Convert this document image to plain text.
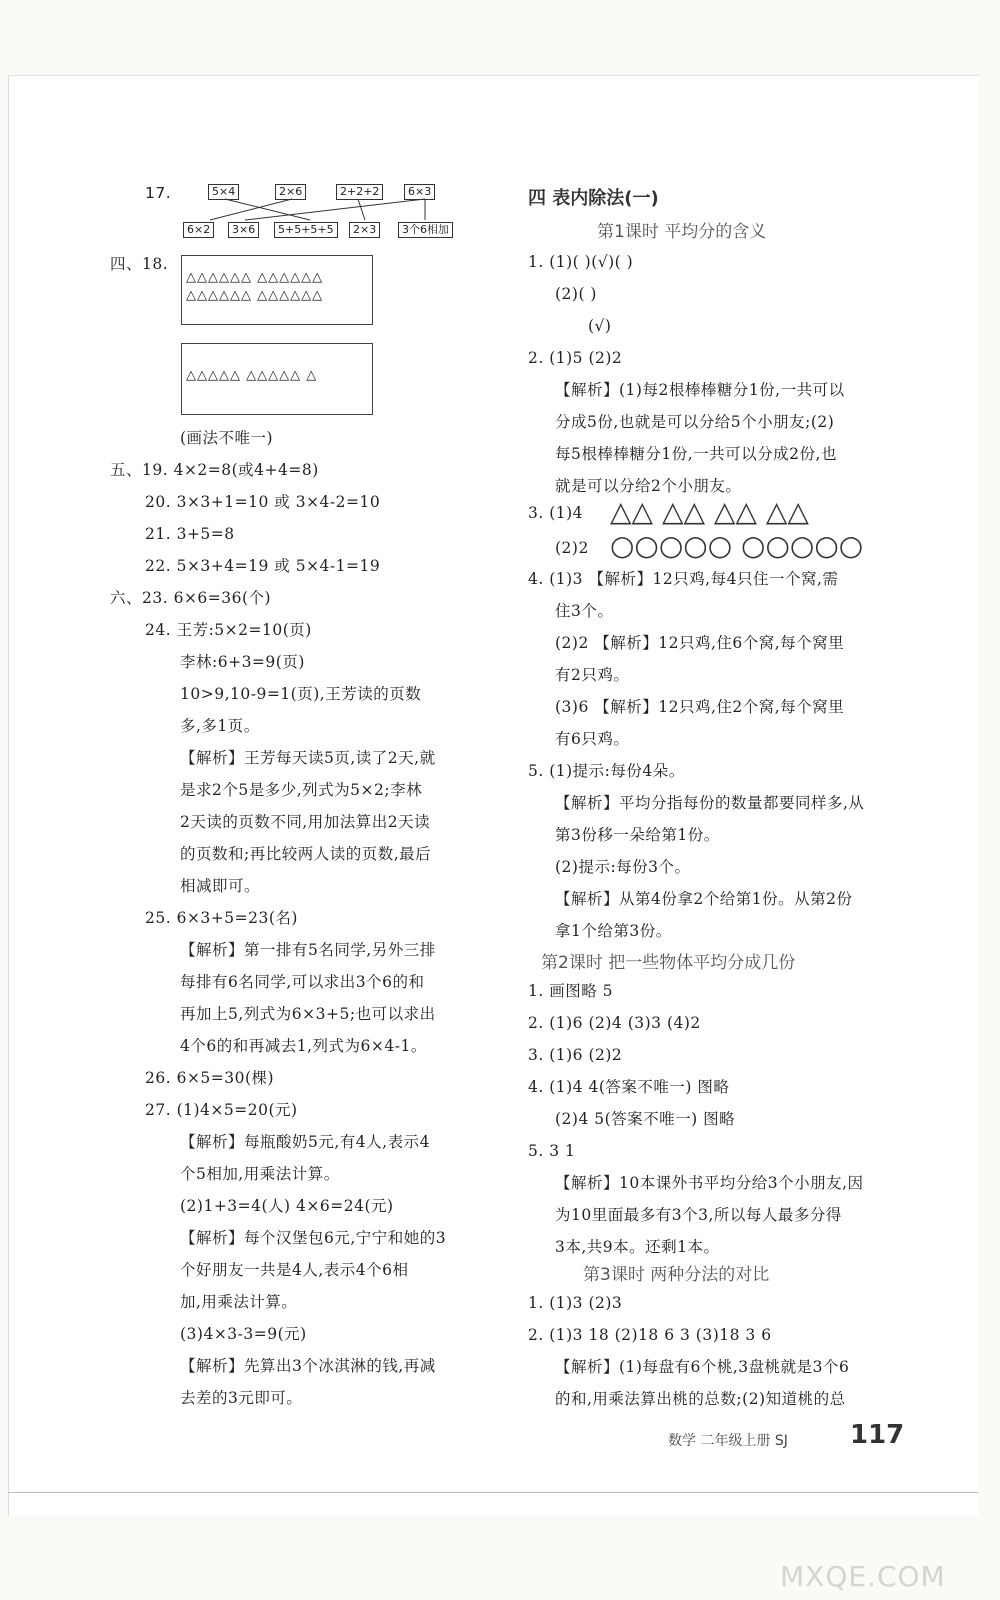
17.	5×4	2×6	2+2+2	6×3
6×2	3×6	5+5+5+5	2×3	3个6相加
四、18.
△△△△△△ △△△△△△
△△△△△△ △△△△△△
△△△△△ △△△△△ △
(画法不唯一)
五、19. 4×2=8(或4+4=8)
20. 3×3+1=10 或 3×4-2=10
21. 3+5=8
22. 5×3+4=19 或 5×4-1=19
六、23. 6×6=36(个)
24. 王芳:5×2=10(页)
李林:6+3=9(页)
10>9,10-9=1(页),王芳读的页数
多,多1页。
【解析】王芳每天读5页,读了2天,就
是求2个5是多少,列式为5×2;李林
2天读的页数不同,用加法算出2天读
的页数和;再比较两人读的页数,最后
相减即可。
25. 6×3+5=23(名)
【解析】第一排有5名同学,另外三排
每排有6名同学,可以求出3个6的和
再加上5,列式为6×3+5;也可以求出
4个6的和再减去1,列式为6×4-1。
26. 6×5=30(棵)
27. (1)4×5=20(元)
【解析】每瓶酸奶5元,有4人,表示4
个5相加,用乘法计算。
(2)1+3=4(人) 4×6=24(元)
【解析】每个汉堡包6元,宁宁和她的3
个好朋友一共是4人,表示4个6相
加,用乘法计算。
(3)4×3-3=9(元)
【解析】先算出3个冰淇淋的钱,再减
去差的3元即可。
四 表内除法(一)
第1课时 平均分的含义
1. (1)( )(√)( )
(2)( )
(√)
2. (1)5 (2)2
【解析】(1)每2根棒棒糖分1份,一共可以
分成5份,也就是可以分给5个小朋友;(2)
每5根棒棒糖分1份,一共可以分成2份,也
就是可以分给2个小朋友。
3. (1)4 △△ △△ △△ △△
(2)2 ○○○○○ ○○○○○
4. (1)3 【解析】12只鸡,每4只住一个窝,需
住3个。
(2)2 【解析】12只鸡,住6个窝,每个窝里
有2只鸡。
(3)6 【解析】12只鸡,住2个窝,每个窝里
有6只鸡。
5. (1)提示:每份4朵。
【解析】平均分指每份的数量都要同样多,从
第3份移一朵给第1份。
(2)提示:每份3个。
【解析】从第4份拿2个给第1份。从第2份
拿1个给第3份。
第2课时 把一些物体平均分成几份
1. 画图略 5
2. (1)6 (2)4 (3)3 (4)2
3. (1)6 (2)2
4. (1)4 4(答案不唯一) 图略
(2)4 5(答案不唯一) 图略
5. 3 1
【解析】10本课外书平均分给3个小朋友,因
为10里面最多有3个3,所以每人最多分得
3本,共9本。还剩1本。
第3课时 两种分法的对比
1. (1)3 (2)3
2. (1)3 18 (2)18 6 3 (3)18 3 6
【解析】(1)每盘有6个桃,3盘桃就是3个6
的和,用乘法算出桃的总数;(2)知道桃的总
数学 二年级上册 SJ 117
MXQE.COM
